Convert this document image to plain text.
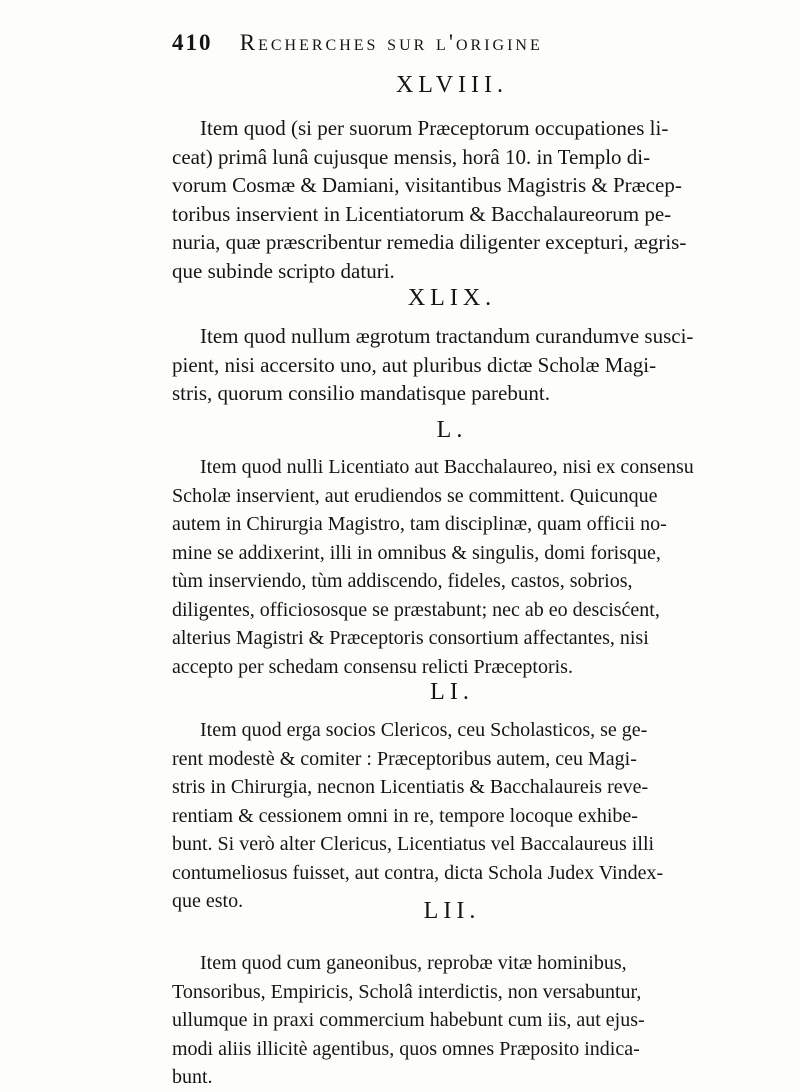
410 Recherches sur l'origine
XLVIII.
Item quod (si per suorum Præceptorum occupationes li-
ceat) primâ lunâ cujusque mensis, horâ 10. in Templo di-
vorum Cosmæ & Damiani, visitantibus Magistris & Præcep-
toribus inservient in Licentiatorum & Bacchalaureorum pe-
nuria, quæ præscribentur remedia diligenter excepturi, ægris-
que subinde scripto daturi.
XLIX.
Item quod nullum ægrotum tractandum curandumve susci-
pient, nisi accersito uno, aut pluribus dictæ Scholæ Magi-
stris, quorum consilio mandatisque parebunt.
L.
Item quod nulli Licentiato aut Bacchalaureo, nisi ex consensu
Scholæ inservient, aut erudiendos se committent. Quicunque
autem in Chirurgia Magistro, tam disciplinæ, quam officii no-
mine se addixerint, illi in omnibus & singulis, domi forisque,
tùm inserviendo, tùm addiscendo, fideles, castos, sobrios,
diligentes, officiososque se præstabunt; nec ab eo descisćent,
alterius Magistri & Præceptoris consortium affectantes, nisi
accepto per schedam consensu relicti Præceptoris.
LI.
Item quod erga socios Clericos, ceu Scholasticos, se ge-
rent modestè & comiter : Præceptoribus autem, ceu Magi-
stris in Chirurgia, necnon Licentiatis & Bacchalaureis reve-
rentiam & cessionem omni in re, tempore locoque exhibe-
bunt. Si verò alter Clericus, Licentiatus vel Baccalaureus illi
contumeliosus fuisset, aut contra, dicta Schola Judex Vindex-
que esto.	LII.
Item quod cum ganeonibus, reprobæ vitæ hominibus,
Tonsoribus, Empiricis, Scholâ interdictis, non versabuntur,
ullumque in praxi commercium habebunt cum iis, aut ejus-
modi aliis illicitè agentibus, quos omnes Præposito indica-
bunt.
